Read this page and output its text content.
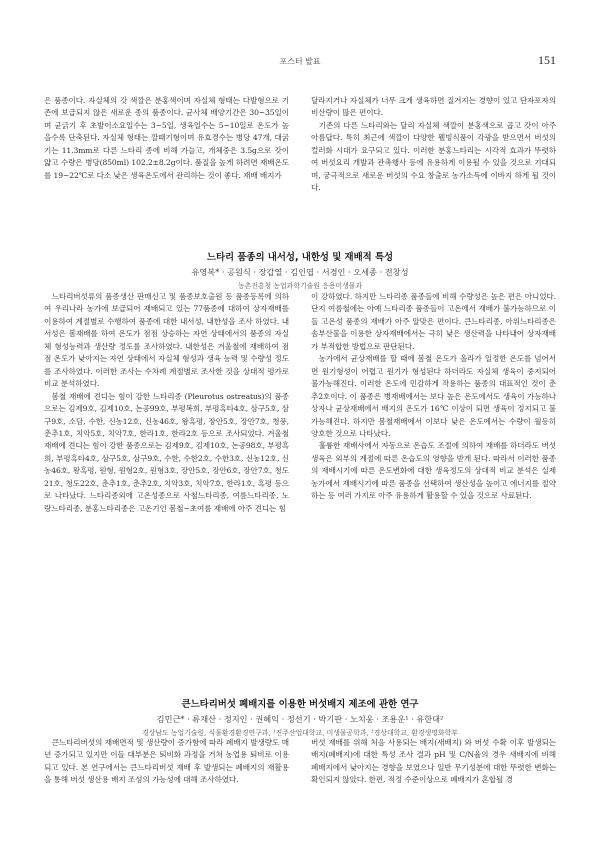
포스터 발표	151

은 품종이다. 자실체의 갓 색깔은 분홍색이며 자실체 형태는 다발형으로 기존에 보급되지 않은 새로운 종의 품종이다. 균사체 배양기간은 30~35일이며 균긁기 후 초발이소요일수는 3~5일, 생육일수는 5~10일로 온도가 높을수록 단축된다. 자실체 형태는 깔때기형이며 유효경수는 병당 47개, 대굵기는 11.3mm로 다른 느타리 종에 비해 가늘고, 개체중은 3.5g으로 갓이 얇고 수량은 병당(850ml) 102.2±8.2g이다. 품질을 높게 하려면 재배온도를 19~22℃로 다소 낮은 생육온도에서 관리하는 것이 좋다. 재배 배지가

달라지거나 자실체가 너무 크게 생육하면 질겨지는 경향이 있고 단자포자의 비산량이 많은 편이다.

기존의 다른 느타리와는 달리 자실체 색깔이 분홍색으로 곱고 갓이 아주 아름답다. 특히 최근에 색깔이 다양한 웰빙식품이 각광을 받으면서 버섯의 컬러화 시대가 요구되고 있다. 이러한 분홍느타리는 시각적 효과가 뚜렷하여 버섯요리 개발과 관촉행사 등에 유용하게 이용될 수 있을 것으로 기대되며, 궁극적으로 새로운 버섯의 수요 창출로 농가소득에 이바지 하게 될 것이다.

느타리 품종의 내서성, 내한성 및 재배적 특성
유영복* · 공원식 · 장갑열 · 김인엽 · 서경인 · 오세종 · 전창성
농촌진흥청 농업과학기술원 응용미생물과

느타리버섯류의 품종생산 판매신고 및 품종보호출원 등 품종등록에 의하여 우리나라 농가에 보급되어 재배되고 있는 77품종에 대하여 상자재배를 이용하여 계절별로 수행하여 품종에 대한 내서성, 내한성을 조사 하였다. 내서성은 봄재배를 하여 온도가 점점 상승하는 자연 상태에서의 품종의 자실체 형성능력과 생산량 정도를 조사하였다. 내한성은 겨울철에 재배하여 점점 온도가 낮아지는 자연 상태에서 자실체 형성과 생육 능력 및 수량성 정도를 조사하였다. 이러한 조사는 수차례 계절별로 조사한 것을 상대적 평가로 비교 분석하였다.

봄철 재배에 견디는 힘이 강한 느타리종 (Pleurotus ostreatus)의 품종으로는 김제9호, 김제10호, 논공99호, 부평복희, 부평흑타4호, 삼구5호, 삼구9호, 소담, 수한, 신농12호, 신농46호, 왕흑평, 장안5호, 장안7호, 청풍, 춘추1호, 치악5호, 치악7호, 한라1호, 한라2호 등으로 조사되었다. 겨울철 재배에 견디는 힘이 강한 품종으로는 김제9호, 김제10호, 논공98호, 부평흑희, 부평흑타4호, 삼구5호, 삼구9호, 수한, 수한2호, 수한3호, 신농12호, 신농46호, 왕흑평, 원형, 원형2호, 원형3호, 장안5호, 장안6호, 장안7호, 청도21호, 청도22호, 춘추1호, 춘추2호, 치악3호, 치악7호, 한라1호, 흑평 등으로 나타났다. 느타리종외에 고온성종으로 사철느타리종, 여름느타리종, 노랑느타리종, 분홍느타리종은 고온기인 봄철~초여름 재배에 아주 견디는 힘

이 강하였다. 하지만 느타리종 품종들에 비해 수량성은 높은 편은 아니었다. 단지 여름철에는 아예 느타리종 품종들이 고온에서 재배가 불가능하므로 이들 고온성 품종의 재배가 아주 알맞은 편이다. 큰느타리종, 아위느타리종은 솜부산물을 이용한 상자재배에서는 극히 낮은 생산력을 나타내어 상자재배가 부적합한 방법으로 판단된다.

농가에서 균상재배를 할 때에 봄철 온도가 올라가 일정한 온도를 넘어서면 원기형성이 어렵고 원기가 형성된다 하더라도 자실체 생육이 중지되어 불가능해진다. 이러한 온도에 민감하게 작용하는 품종의 대표적인 것이 춘추2호이다. 이 품종은 병재배에서는 보다 높은 온도에서도 생육이 가능하나 상자나 균상재배에서 배지의 온도가 16℃ 이상이 되면 생육이 정지되고 불가능해진다. 하지만 봄철재배에서 이보다 낮은 온도에서는 수량이 월등히 양호한 것으로 나타났다.

훌륭한 재배사에서 자동으로 온습도 조절에 의하여 재배를 하더라도 버섯 생육은 외부의 계절에 따른 온습도의 영향을 받게 된다. 따라서 이러한 품종의 재배시기에 따른 온도변화에 대한 생육정도의 상대적 비교 분석은 실제 농가에서 재배시기에 따른 품종을 선택하여 생산성을 높이고 에너지를 절약하는 등 여러 가지로 아주 유용하게 활용할 수 있을 것으로 사료된다.

큰느타리버섯 폐배지를 이용한 버섯배지 제조에 관한 연구
김민근* · 류재산 · 정지인 · 권혜익 · 정선기 · 박기판 · 노치웅 · 조용운¹ · 유한대²
경상남도 농업기술원, 식물환경환경연구과, ¹진주산업대학교, 미생물공학과, ²경상대학교, 환경생명화학부

큰느타리버섯의 재배면적 및 생산량이 증가함에 따라 폐배지 발생량도 매년 증가되고 있지만 이들 대부분은 퇴비화 과정을 거쳐 농업용 퇴비로 이용 되고 있다. 본 연구에서는 큰느타리버섯 재배 후 발생되는 폐배지의 재활용을 통해 버섯 생산용 배지 조성의 가능성에 대해 조사하였다.

버섯 재배를 위해 처음 사용되는 배지(새배지) 와 버섯 수확 이후 발생되는 배지(폐배지)에 대한 특성 조사 결과 pH 및 C/N율의 경우 새배지에 비해 폐배지에서 낮아지는 경향을 보였으나 일반 무기성분에 대한 뚜렷한 변화는 확인되지 않았다. 한편, 적정 수준이상으로 폐배지가 혼합될 경
